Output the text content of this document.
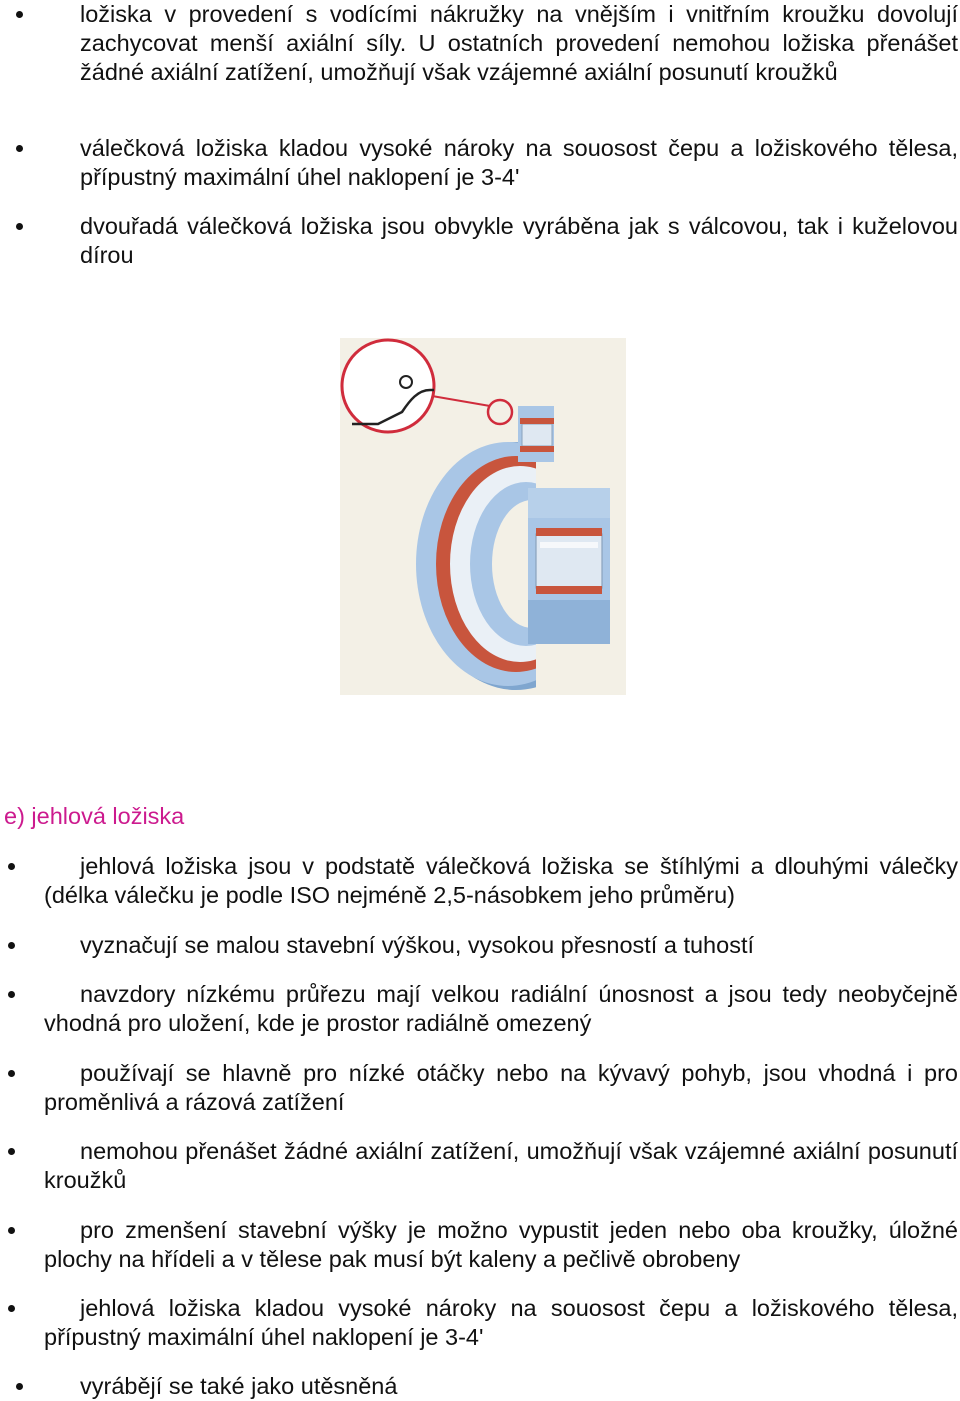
ložiska v provedení s vodícími nákružky na vnějším i vnitřním kroužku dovolují zachycovat menší axiální síly. U ostatních provedení nemohou ložiska přenášet žádné axiální zatížení, umožňují však vzájemné axiální posunutí kroužků
válečková ložiska kladou vysoké nároky na souosost čepu a ložiskového tělesa, přípustný maximální úhel naklopení je 3-4'
dvouřadá válečková ložiska jsou obvykle vyráběna jak s válcovou, tak i kuželovou dírou
e) jehlová ložiska
jehlová ložiska jsou v podstatě válečková ložiska se štíhlými a dlouhými válečky (délka válečku je podle ISO nejméně 2,5-násobkem jeho průměru)
vyznačují se malou stavební výškou, vysokou přesností a tuhostí
navzdory nízkému průřezu mají velkou radiální únosnost a jsou tedy neobyčejně vhodná pro uložení, kde je prostor radiálně omezený
používají se hlavně pro nízké otáčky nebo na kývavý pohyb, jsou vhodná i pro proměnlivá a rázová zatížení
nemohou přenášet žádné axiální zatížení, umožňují však vzájemné axiální posunutí kroužků
pro zmenšení stavební výšky je možno vypustit jeden nebo oba kroužky, úložné plochy na hřídeli a v tělese pak musí být kaleny a pečlivě obrobeny
jehlová ložiska kladou vysoké nároky na souosost čepu a ložiskového tělesa, přípustný maximální úhel naklopení je 3-4'
vyrábějí se také jako utěsněná
